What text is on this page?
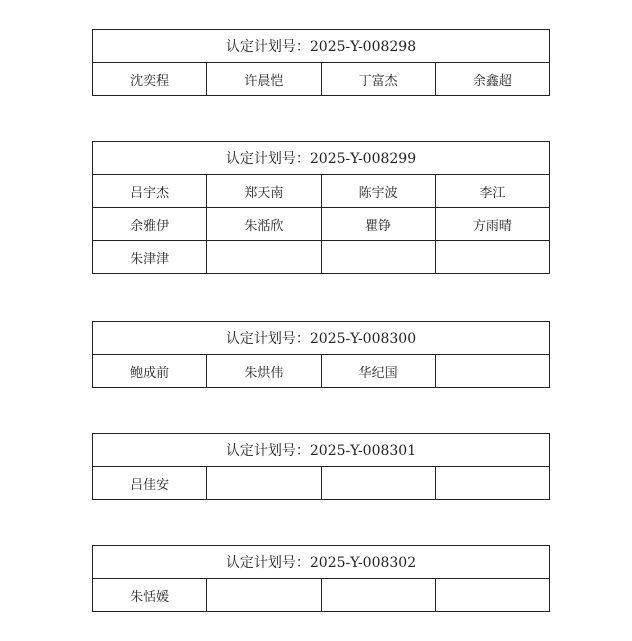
认定计划号：2025-Y-008298
沈奕程	许晨恺	丁富杰	余鑫超
认定计划号：2025-Y-008299			
吕宇杰	郑天南	陈宇波	李江
余雅伊	朱湉欣	瞿铮	方雨晴
朱津津			
认定计划号：2025-Y-008300
鲍成前	朱烘伟	华纪国	
认定计划号：2025-Y-008301
吕佳安			
认定计划号：2025-Y-008302
朱恬媛			
